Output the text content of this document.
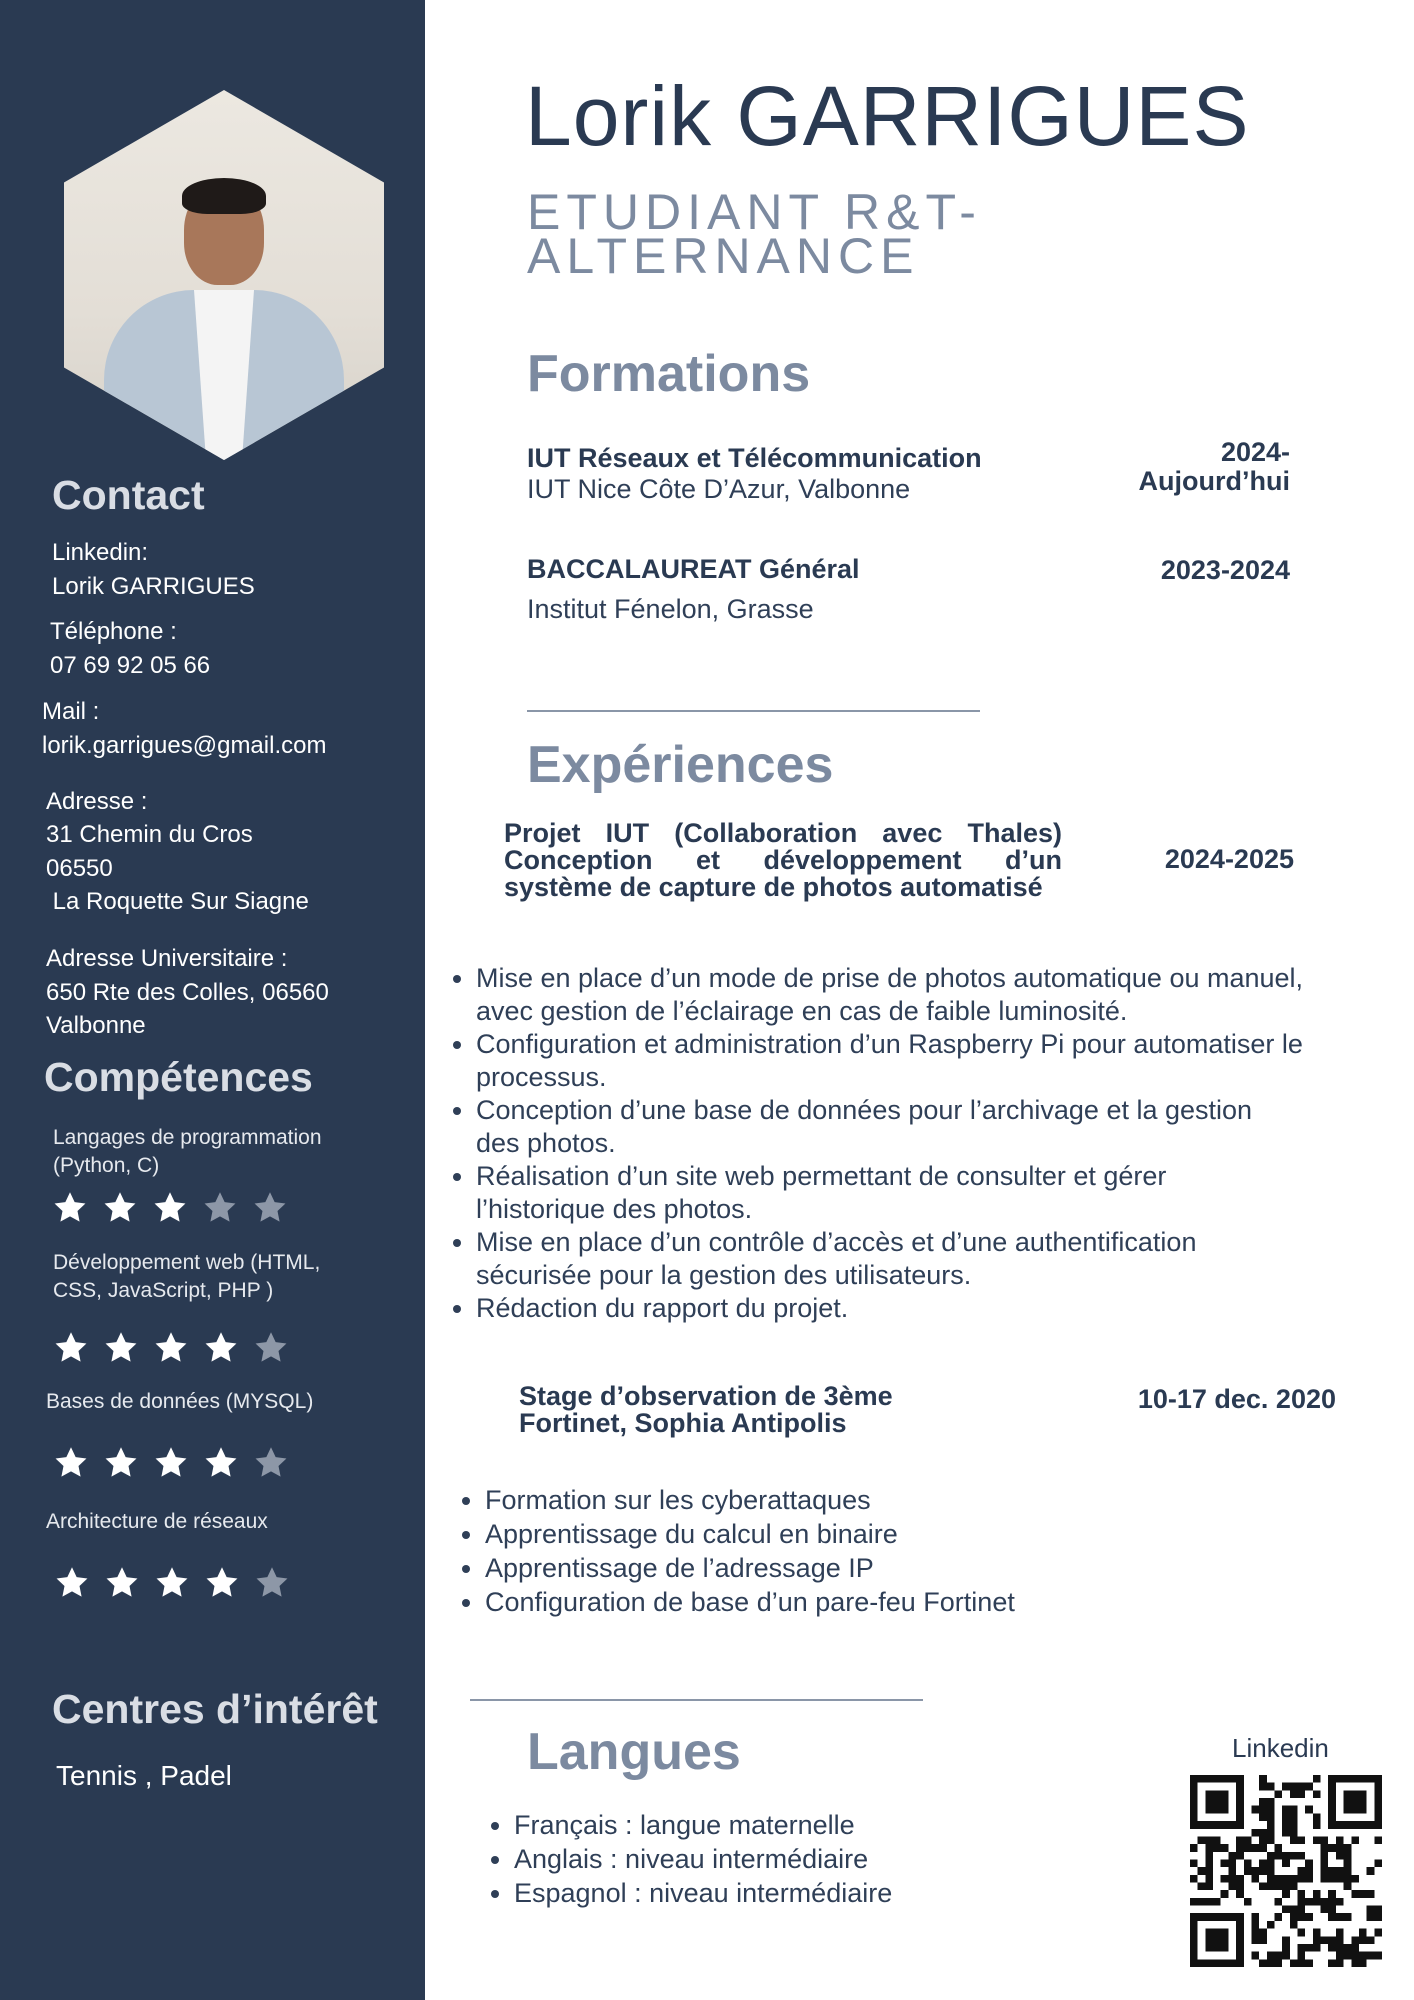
Contact
Linkedin:
Lorik GARRIGUES
Téléphone :
07 69 92 05 66
Mail :
lorik.garrigues@gmail.com
Adresse :
31 Chemin du Cros
06550
La Roquette Sur Siagne
Adresse Universitaire :
650 Rte des Colles, 06560
Valbonne
Compétences
Langages de programmation
(Python, C)
Développement web (HTML,
CSS, JavaScript, PHP )
Bases de données (MYSQL)
Architecture de réseaux
Centres d’intérêt
Tennis , Padel
Lorik GARRIGUES
ETUDIANT R&T-
ALTERNANCE
Formations
IUT Réseaux et Télécommunication
IUT Nice Côte D’Azur, Valbonne
2024-
Aujourd’hui
BACCALAUREAT Général
Institut Fénelon, Grasse
2023-2024
Expériences
Projet IUT (Collaboration avec Thales)
Conception et développement d’un
système de capture de photos automatisé
2024-2025
• Mise en place d’un mode de prise de photos automatique ou manuel,
avec gestion de l’éclairage en cas de faible luminosité.
• Configuration et administration d’un Raspberry Pi pour automatiser le
processus.
• Conception d’une base de données pour l’archivage et la gestion
des photos.
• Réalisation d’un site web permettant de consulter et gérer
l’historique des photos.
• Mise en place d’un contrôle d’accès et d’une authentification
sécurisée pour la gestion des utilisateurs.
• Rédaction du rapport du projet.
Stage d’observation de 3ème
Fortinet, Sophia Antipolis
10-17 dec. 2020
• Formation sur les cyberattaques
• Apprentissage du calcul en binaire
• Apprentissage de l’adressage IP
• Configuration de base d’un pare-feu Fortinet
Langues
• Français : langue maternelle
• Anglais : niveau intermédiaire
• Espagnol : niveau intermédiaire
Linkedin
